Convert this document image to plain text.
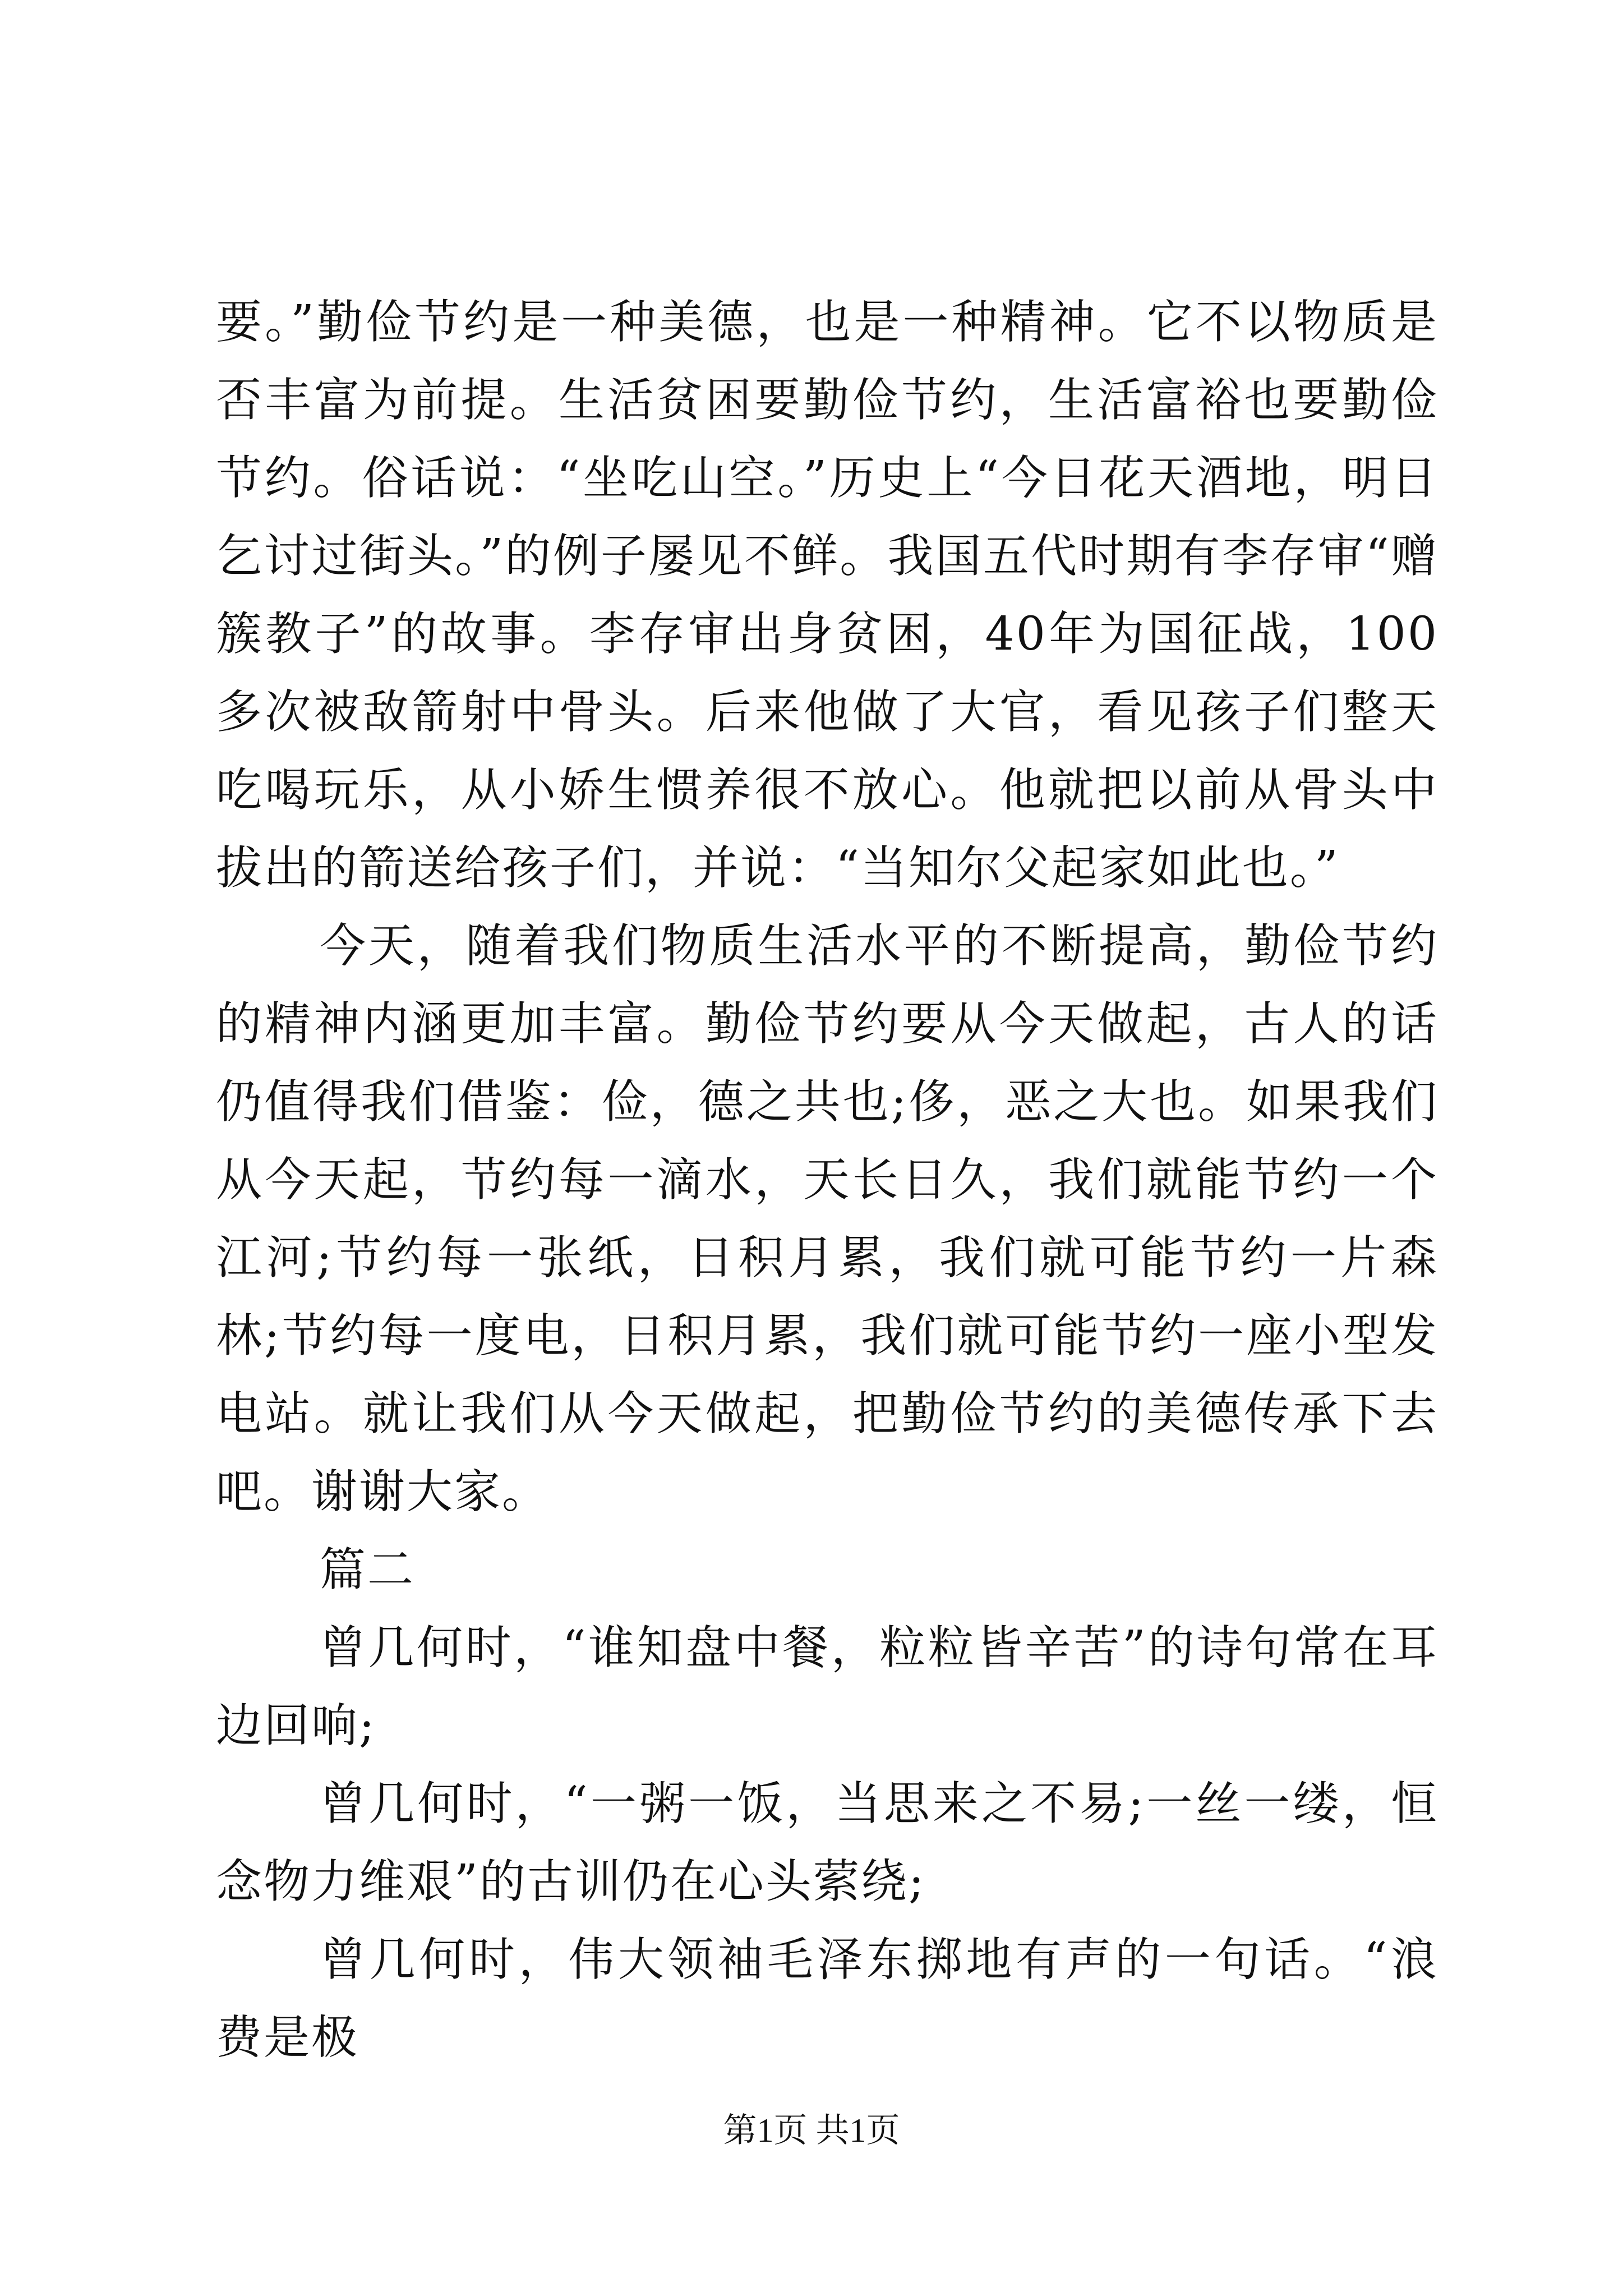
要。”勤俭节约是一种美德，也是一种精神。它不以物质是否丰富为前提。生活贫困要勤俭节约，生活富裕也要勤俭节约。俗话说：“坐吃山空。”历史上“今日花天酒地，明日乞讨过街头。”的例子屡见不鲜。我国五代时期有李存审“赠簇教子”的故事。李存审出身贫困，40年为国征战，100多次被敌箭射中骨头。后来他做了大官，看见孩子们整天吃喝玩乐，从小娇生惯养很不放心。他就把以前从骨头中拔出的箭送给孩子们，并说：“当知尔父起家如此也。”

今天，随着我们物质生活水平的不断提高，勤俭节约的精神内涵更加丰富。勤俭节约要从今天做起，古人的话仍值得我们借鉴：俭，德之共也;侈，恶之大也。如果我们从今天起，节约每一滴水，天长日久，我们就能节约一个江河;节约每一张纸，日积月累，我们就可能节约一片森林;节约每一度电，日积月累，我们就可能节约一座小型发电站。就让我们从今天做起，把勤俭节约的美德传承下去吧。谢谢大家。

篇二

曾几何时，“谁知盘中餐，粒粒皆辛苦”的诗句常在耳边回响;

曾几何时，“一粥一饭，当思来之不易;一丝一缕，恒念物力维艰”的古训仍在心头萦绕;

曾几何时，伟大领袖毛泽东掷地有声的一句话。“浪费是极

第1页 共1页
